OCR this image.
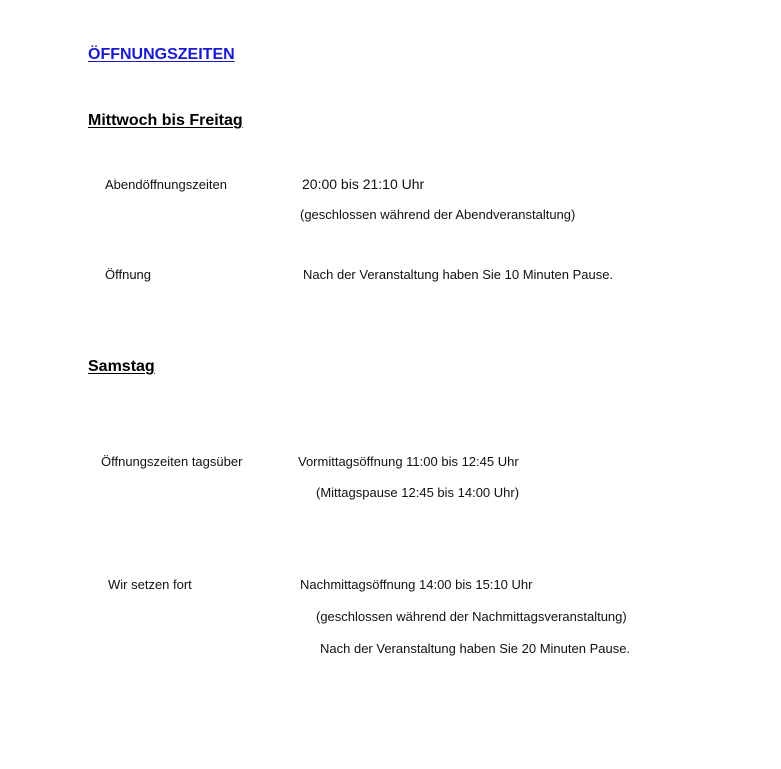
ÖFFNUNGSZEITEN
Mittwoch bis Freitag
Abendöffnungszeiten	20:00 bis 21:10 Uhr
(geschlossen während der Abendveranstaltung)
Öffnung	Nach der Veranstaltung haben Sie 10 Minuten Pause.
Samstag
Öffnungszeiten tagsüber	Vormittagsöffnung 11:00 bis 12:45 Uhr
(Mittagspause 12:45 bis 14:00 Uhr)
Wir setzen fort	Nachmittagsöffnung 14:00 bis 15:10 Uhr
(geschlossen während der Nachmittagsveranstaltung)
Nach der Veranstaltung haben Sie 20 Minuten Pause.
